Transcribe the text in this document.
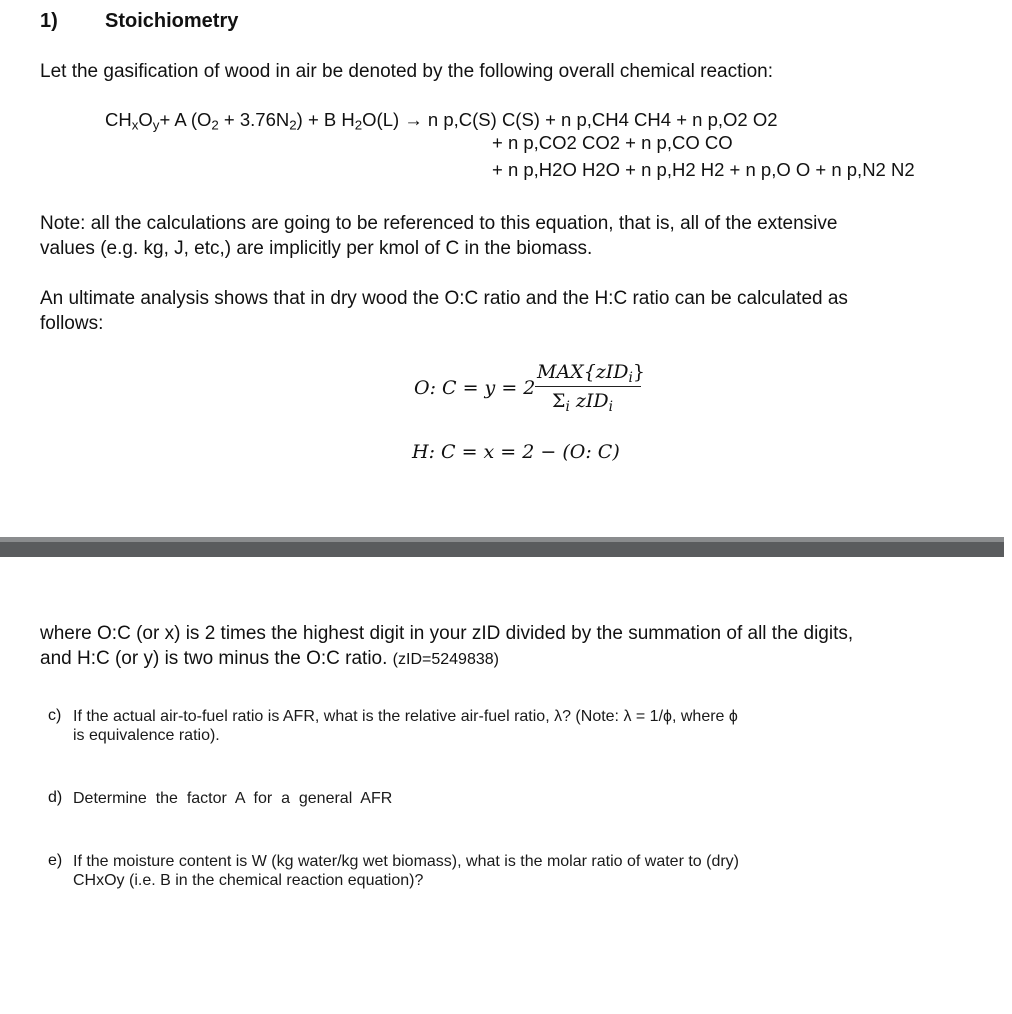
1) Stoichiometry
Let the gasification of wood in air be denoted by the following overall chemical reaction:
$CH_xO_y+ A$ $(O_2 + 3.76N_2) + B$ $H_2O(L) \to n$ p,C(S) C(S) + n p,CH4 CH4 + n p,O2 O2
+ n p,CO2 CO2 + n p,CO CO
+ n p,H2O H2O + n p,H2 H2 + n p,O O + n p,N2 N2
Note: all the calculations are going to be referenced to this equation, that is, all of the extensive
values (e.g. kg, J, etc,) are implicitly per kmol of C in the biomass.
An ultimate analysis shows that in dry wood the O:C ratio and the H:C ratio can be calculated as
follows:
O: C = y = 2
MAX{zID$_i$}
$\Sigma_i$ zID$_i$
H: C = x = 2 − (O: C)
where O:C (or x) is 2 times the highest digit in your zID divided by the summation of all the digits,
and H:C (or y) is two minus the O:C ratio. (zID=5249838)
c) If the actual air-to-fuel ratio is AFR, what is the relative air-fuel ratio, λ? (Note: λ = 1/ϕ, where ϕ
is equivalence ratio).
d) Determine  the  factor  A  for  a  general  AFR
e) If the moisture content is W (kg water/kg wet biomass), what is the molar ratio of water to (dry)
CHxOy (i.e. B in the chemical reaction equation)?
